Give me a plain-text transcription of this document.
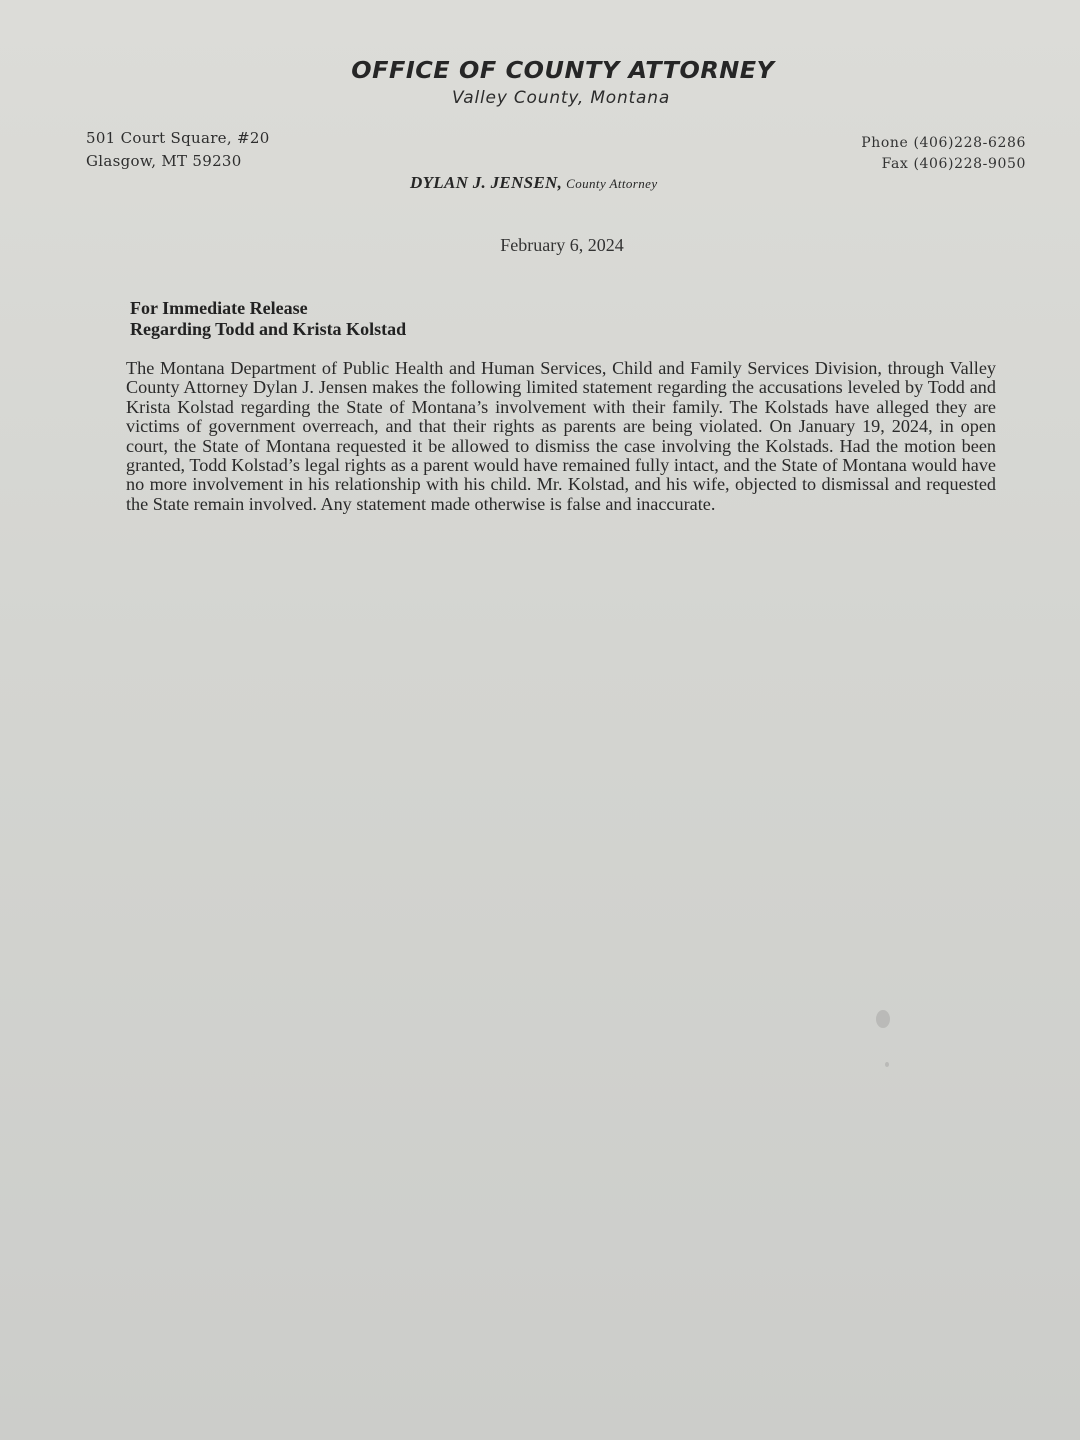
OFFICE OF COUNTY ATTORNEY
Valley County, Montana
501 Court Square, #20
Glasgow, MT 59230
Phone (406)228-6286
Fax (406)228-9050
DYLAN J. JENSEN, County Attorney
February 6, 2024
For Immediate Release
Regarding Todd and Krista Kolstad
The Montana Department of Public Health and Human Services, Child and Family Services Division, through Valley County Attorney Dylan J. Jensen makes the following limited statement regarding the accusations leveled by Todd and Krista Kolstad regarding the State of Montana’s involvement with their family. The Kolstads have alleged they are victims of government overreach, and that their rights as parents are being violated. On January 19, 2024, in open court, the State of Montana requested it be allowed to dismiss the case involving the Kolstads. Had the motion been granted, Todd Kolstad’s legal rights as a parent would have remained fully intact, and the State of Montana would have no more involvement in his relationship with his child. Mr. Kolstad, and his wife, objected to dismissal and requested the State remain involved. Any statement made otherwise is false and inaccurate.
